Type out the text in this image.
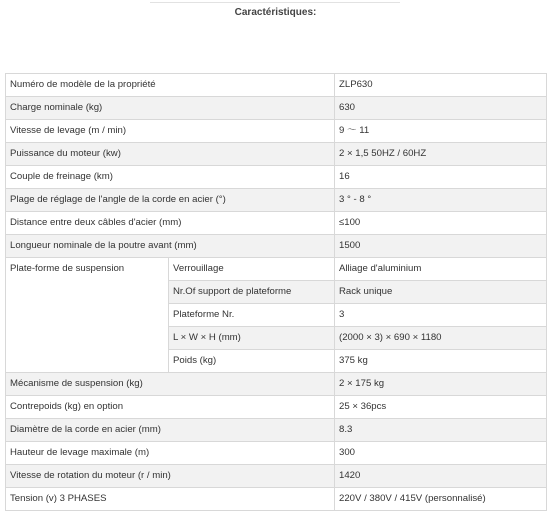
Caractéristiques:
Numéro de modèle de la propriété		ZLP630
Charge nominale (kg)		630
Vitesse de levage (m / min)		9 ～ 11
Puissance du moteur (kw)		2 × 1,5 50HZ / 60HZ
Couple de freinage (km)		16
Plage de réglage de l'angle de la corde en acier (°)		3 ° - 8 °
Distance entre deux câbles d'acier (mm)		≤100
Longueur nominale de la poutre avant (mm)		1500
Plate-forme de suspension	Verrouillage	Alliage d'aluminium
	Nr.Of support de plateforme	Rack unique
	Plateforme Nr.	3
	L × W × H (mm)	(2000 × 3) × 690 × 1180
	Poids (kg)	375 kg
Mécanisme de suspension (kg)		2 × 175 kg
Contrepoids (kg) en option		25 × 36pcs
Diamètre de la corde en acier (mm)		8.3
Hauteur de levage maximale (m)		300
Vitesse de rotation du moteur (r / min)		1420
Tension (v) 3 PHASES		220V / 380V / 415V (personnalisé)
